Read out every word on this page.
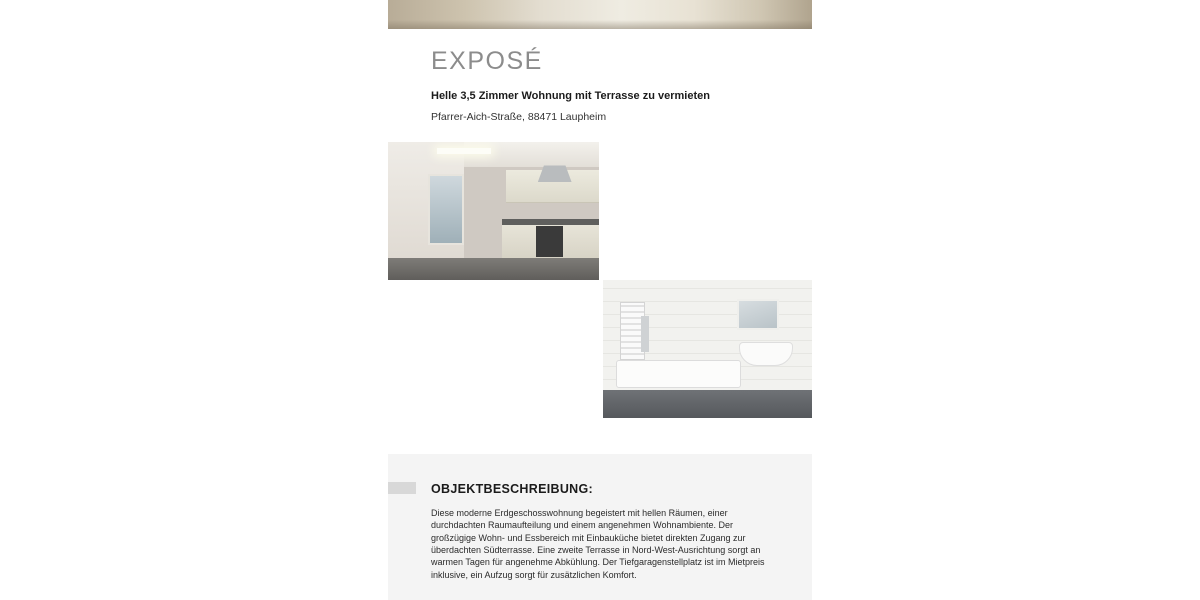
EXPOSÉ
Helle 3,5 Zimmer Wohnung mit Terrasse zu vermieten
Pfarrer-Aich-Straße, 88471 Laupheim
OBJEKTBESCHREIBUNG:

Diese moderne Erdgeschosswohnung begeistert mit hellen Räumen, einer durchdachten Raumaufteilung und einem angenehmen Wohnambiente. Der großzügige Wohn- und Essbereich mit Einbauküche bietet direkten Zugang zur überdachten Südterrasse. Eine zweite Terrasse in Nord-West-Ausrichtung sorgt an warmen Tagen für angenehme Abkühlung. Der Tiefgaragenstellplatz ist im Mietpreis inklusive, ein Aufzug sorgt für zusätzlichen Komfort.
